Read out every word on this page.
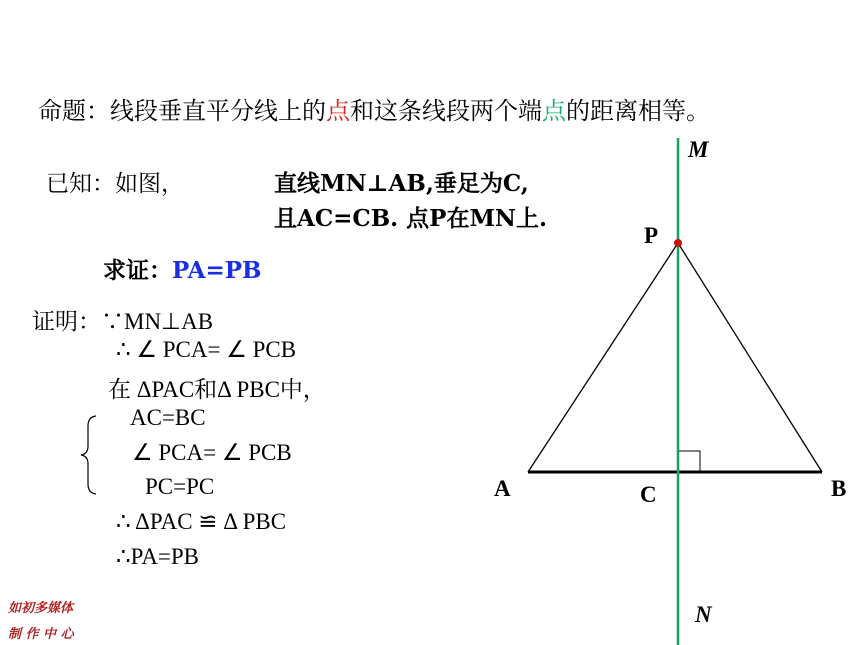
命题：线段垂直平分线上的点和这条线段两个端点的距离相等。
已知：如图，	直线MN⊥AB,垂足为C,
且AC=CB. 点P在MN上.
求证：PA=PB
证明：∵MN⊥AB
∴ ∠ PCA= ∠ PCB
在 ΔPAC和Δ PBC中，
AC=BC
∠ PCA= ∠ PCB
PC=PC
∴ ΔPAC ≌ Δ PBC
∴PA=PB
M
N
P
A	B
C
如初多媒体
制 作 中 心
